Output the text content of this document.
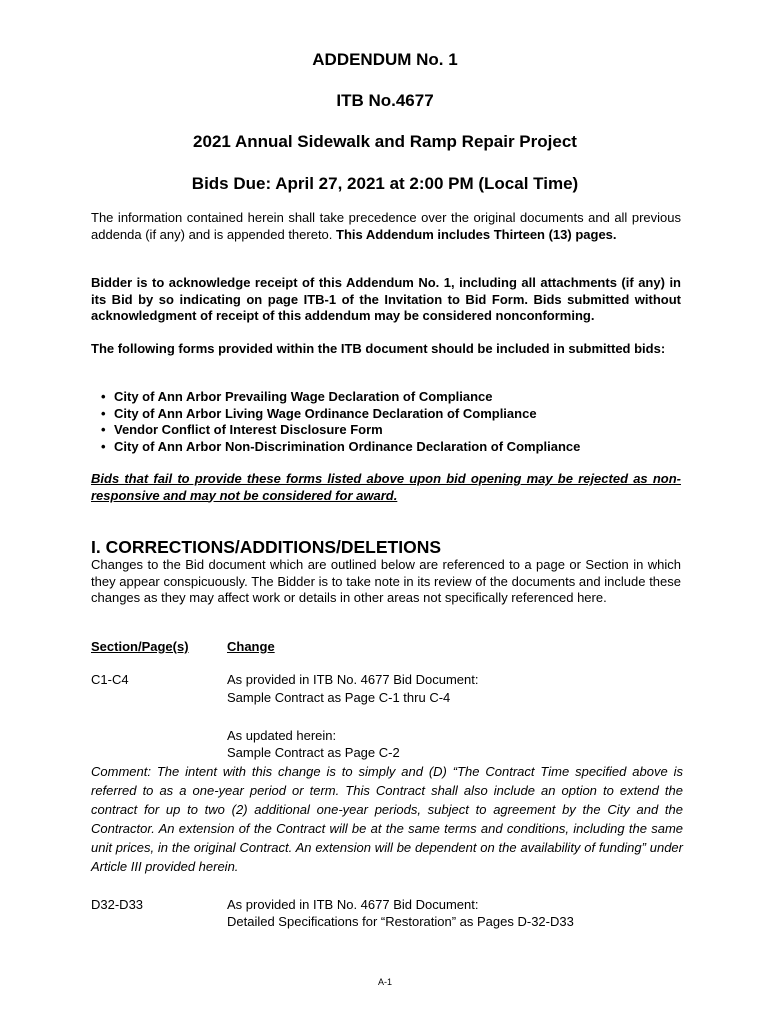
ADDENDUM No. 1
ITB No.4677
2021 Annual Sidewalk and Ramp Repair Project
Bids Due: April 27, 2021 at 2:00 PM (Local Time)
The information contained herein shall take precedence over the original documents and all previous addenda (if any) and is appended thereto. This Addendum includes Thirteen (13) pages.
Bidder is to acknowledge receipt of this Addendum No. 1, including all attachments (if any) in its Bid by so indicating on page ITB-1 of the Invitation to Bid Form. Bids submitted without acknowledgment of receipt of this addendum may be considered nonconforming.
The following forms provided within the ITB document should be included in submitted bids:
• City of Ann Arbor Prevailing Wage Declaration of Compliance
• City of Ann Arbor Living Wage Ordinance Declaration of Compliance
• Vendor Conflict of Interest Disclosure Form
• City of Ann Arbor Non-Discrimination Ordinance Declaration of Compliance
Bids that fail to provide these forms listed above upon bid opening may be rejected as non-responsive and may not be considered for award.
I. CORRECTIONS/ADDITIONS/DELETIONS
Changes to the Bid document which are outlined below are referenced to a page or Section in which they appear conspicuously. The Bidder is to take note in its review of the documents and include these changes as they may affect work or details in other areas not specifically referenced here.
Section/Page(s)	Change
C1-C4	As provided in ITB No. 4677 Bid Document:
Sample Contract as Page C-1 thru C-4
As updated herein:
Sample Contract as Page C-2
Comment: The intent with this change is to simply and (D) “The Contract Time specified above is referred to as a one-year period or term. This Contract shall also include an option to extend the contract for up to two (2) additional one-year periods, subject to agreement by the City and the Contractor. An extension of the Contract will be at the same terms and conditions, including the same unit prices, in the original Contract. An extension will be dependent on the availability of funding” under Article III provided herein.
D32-D33	As provided in ITB No. 4677 Bid Document:
Detailed Specifications for “Restoration” as Pages D-32-D33
A-1
